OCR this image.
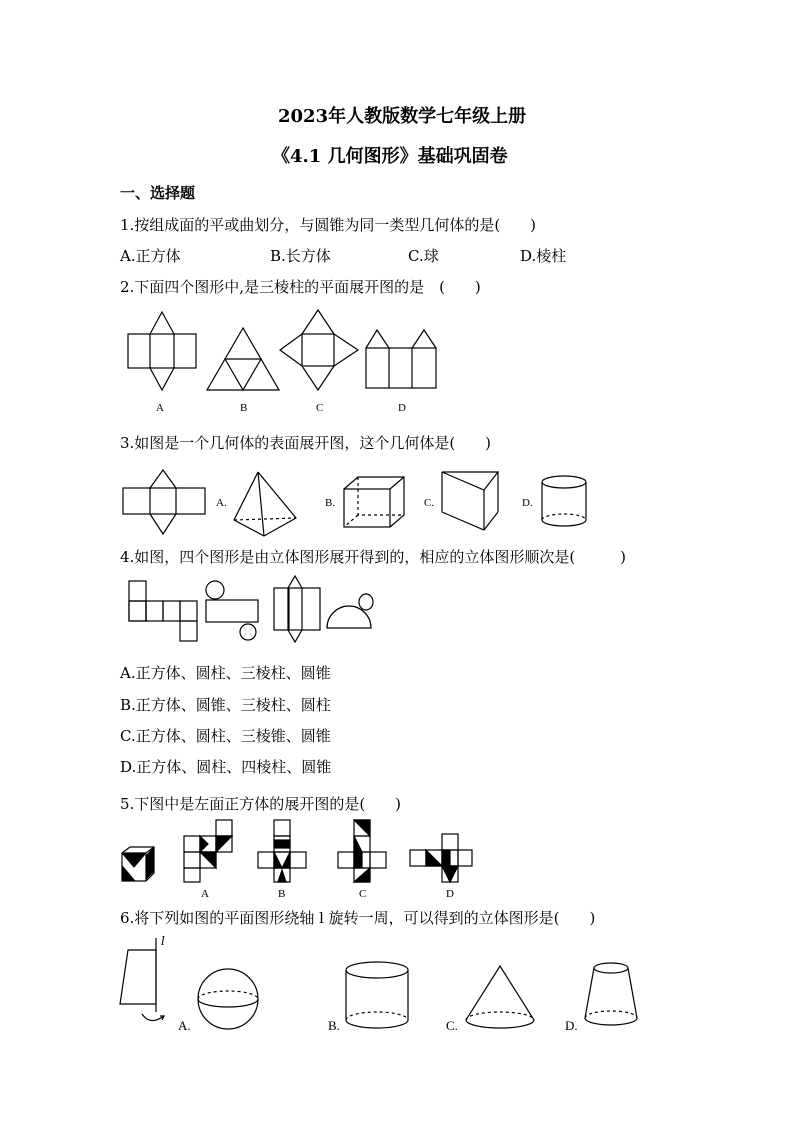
2023年人教版数学七年级上册
《4.1 几何图形》基础巩固卷
一、选择题
1.按组成面的平或曲划分，与圆锥为同一类型几何体的是(　　)
A.正方体	B.长方体	C.球	D.棱柱
2.下面四个图形中,是三棱柱的平面展开图的是　(　　)
A	B	C	D
3.如图是一个几何体的表面展开图，这个几何体是(　　)
A.	B.	C.	D.
4.如图，四个图形是由立体图形展开得到的，相应的立体图形顺次是(　　　)
A.正方体、圆柱、三棱柱、圆锥
B.正方体、圆锥、三棱柱、圆柱
C.正方体、圆柱、三棱锥、圆锥
D.正方体、圆柱、四棱柱、圆锥
5.下图中是左面正方体的展开图的是(　　)
A	B	C	D
6.将下列如图的平面图形绕轴 l 旋转一周，可以得到的立体图形是(　　)
l
A.	B.	C.	D.
